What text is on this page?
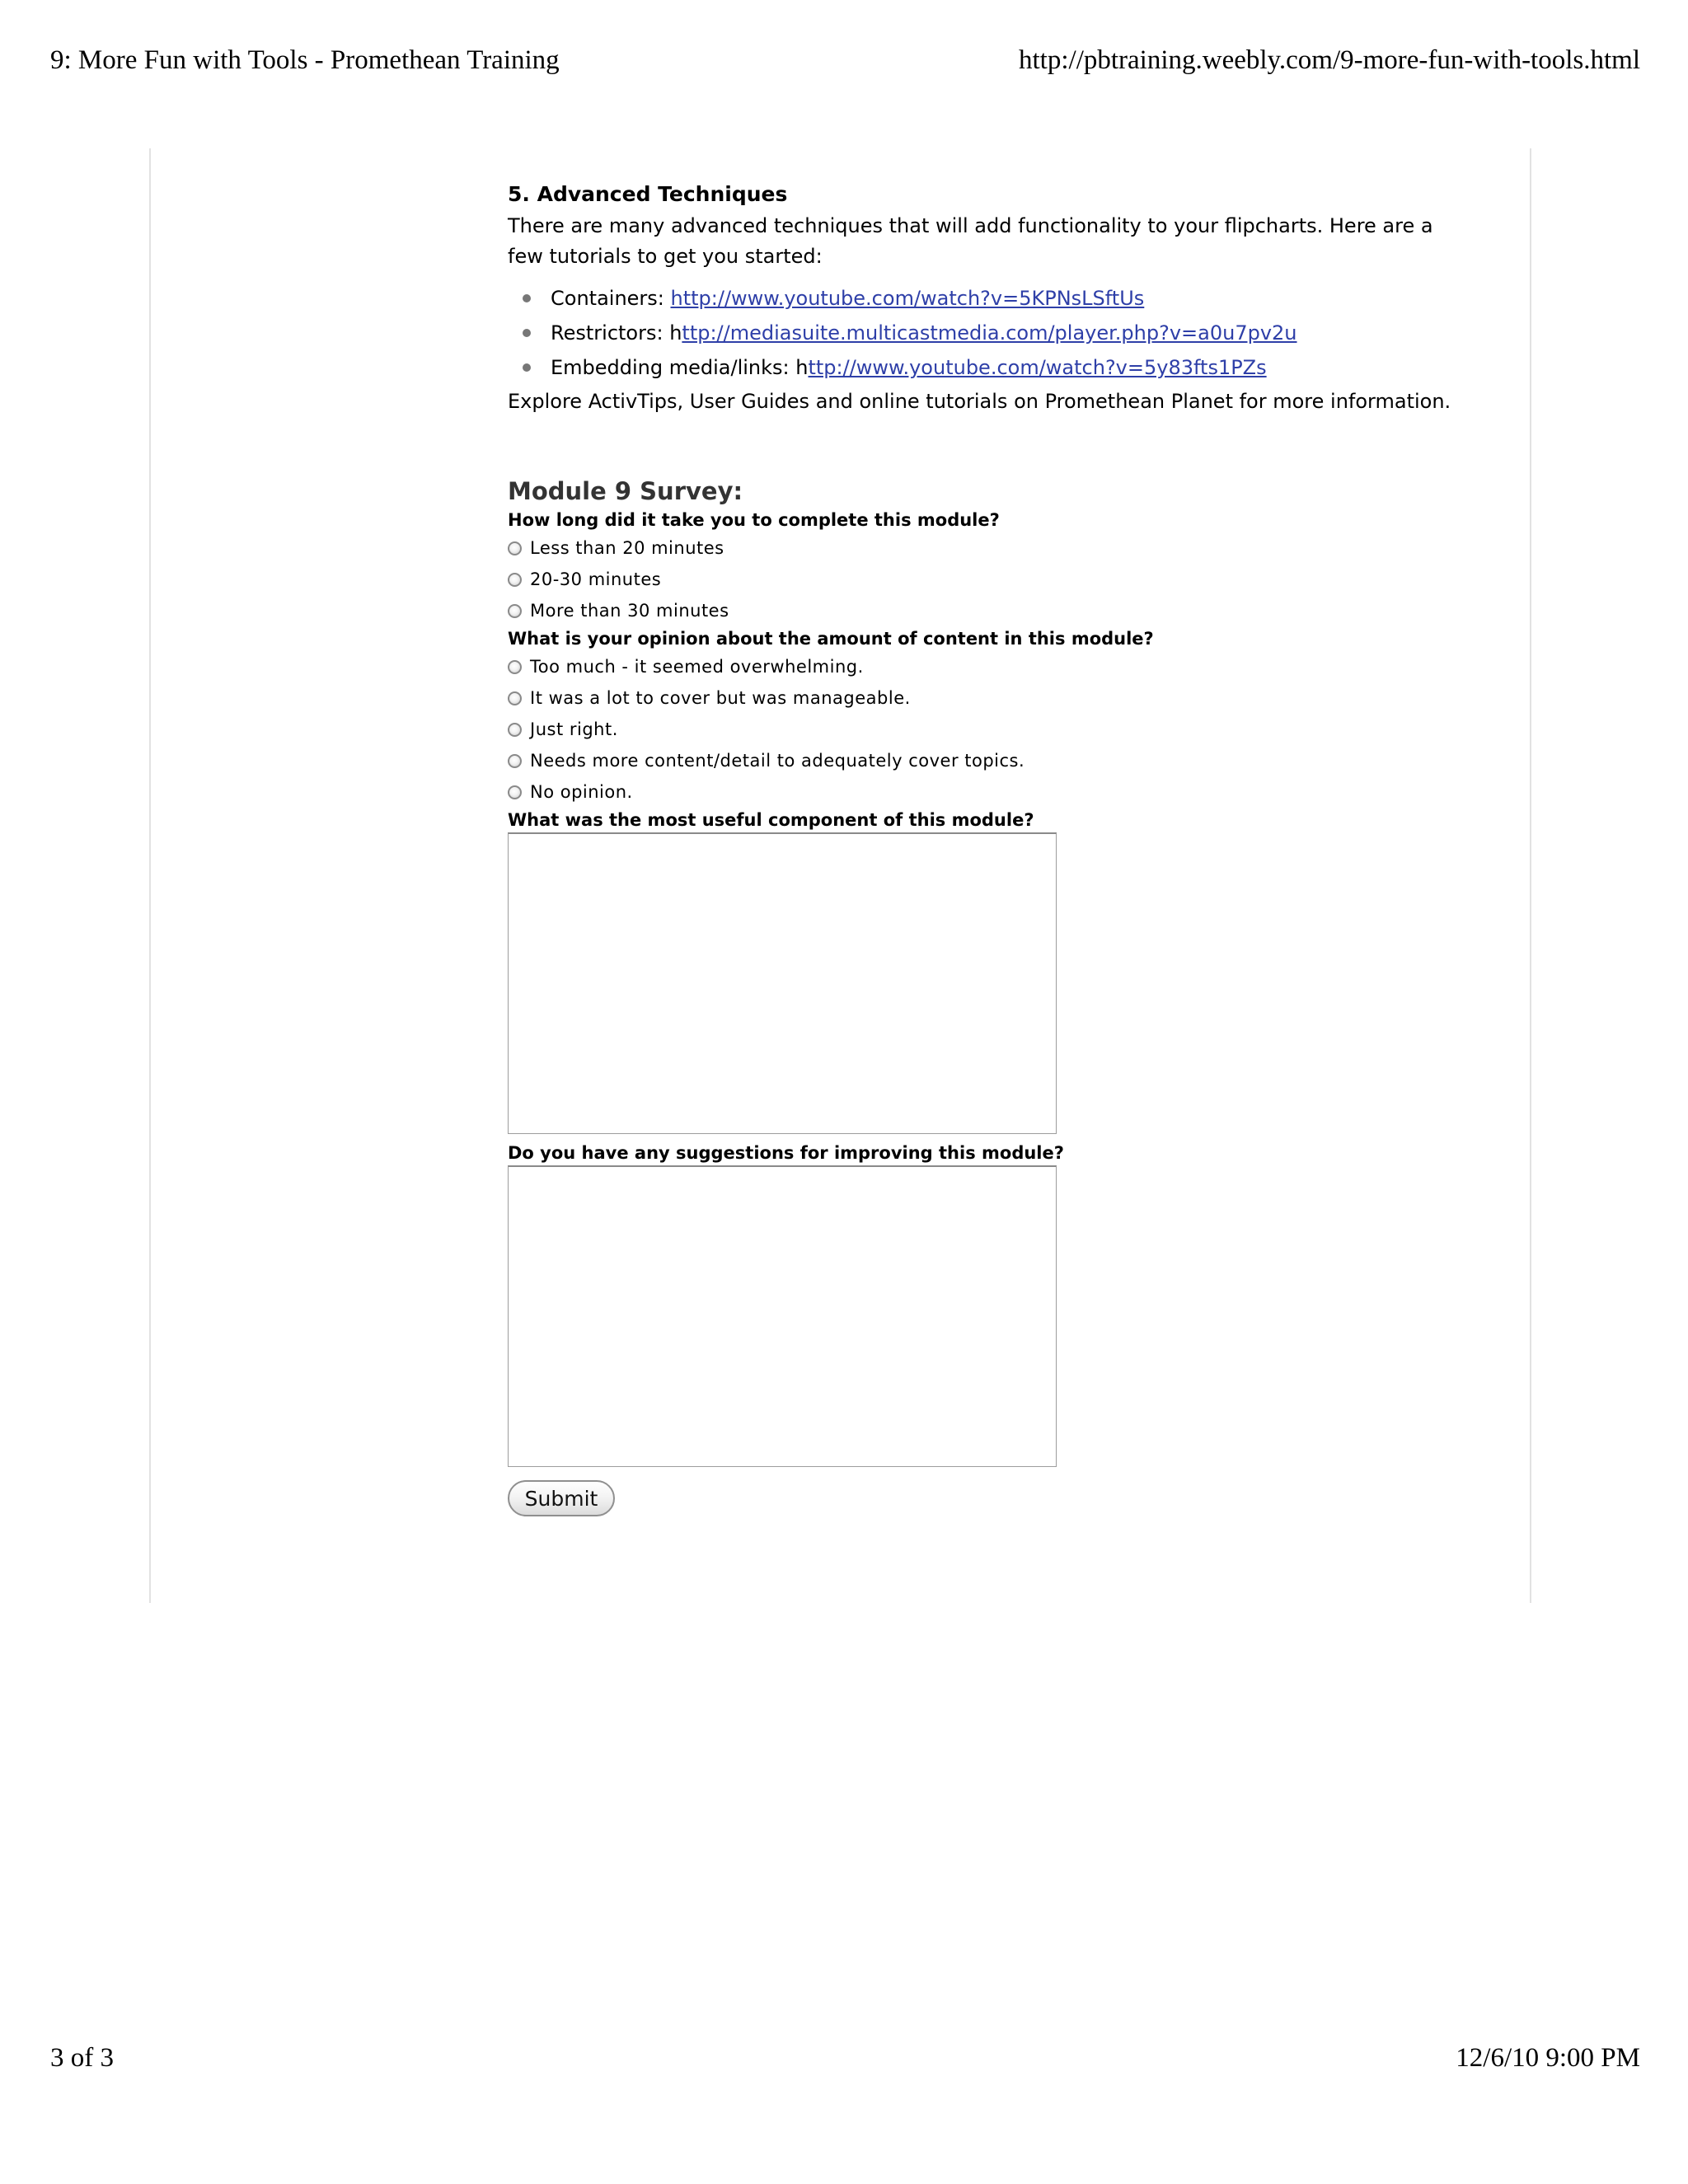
9: More Fun with Tools - Promethean Training	http://pbtraining.weebly.com/9-more-fun-with-tools.html
5. Advanced Techniques

There are many advanced techniques that will add functionality to your flipcharts. Here are a few tutorials to get you started:

Containers: http://www.youtube.com/watch?v=5KPNsLSftUs
Restrictors: http://mediasuite.multicastmedia.com/player.php?v=a0u7pv2u
Embedding media/links: http://www.youtube.com/watch?v=5y83fts1PZs

Explore ActivTips, User Guides and online tutorials on Promethean Planet for more information.

Module 9 Survey:

How long did it take you to complete this module?

Less than 20 minutes
20-30 minutes
More than 30 minutes

What is your opinion about the amount of content in this module?

Too much - it seemed overwhelming.
It was a lot to cover but was manageable.
Just right.
Needs more content/detail to adequately cover topics.
No opinion.

What was the most useful component of this module?

Do you have any suggestions for improving this module?

Submit
3 of 3	12/6/10 9:00 PM
